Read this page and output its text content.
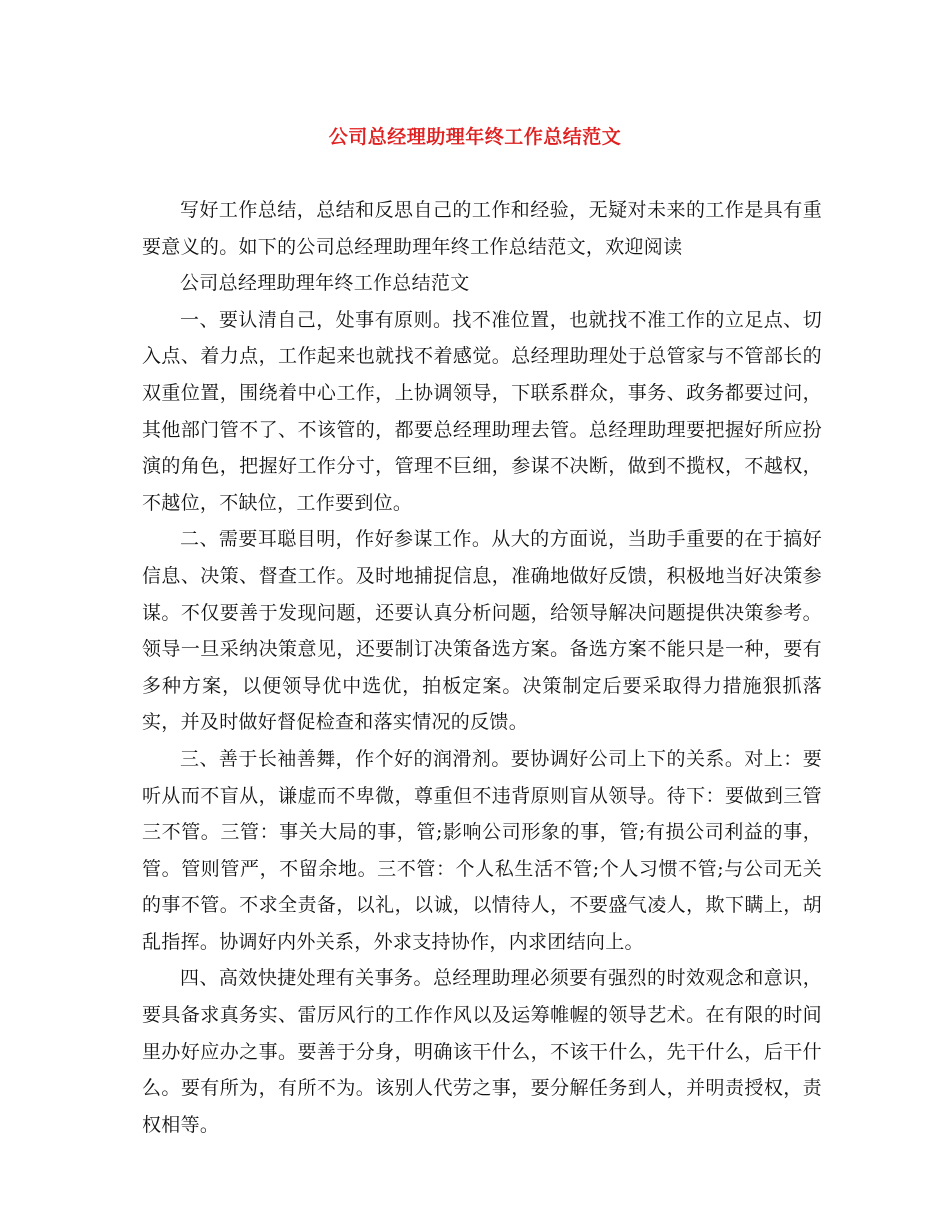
公司总经理助理年终工作总结范文

写好工作总结，总结和反思自己的工作和经验，无疑对未来的工作是具有重要意义的。如下的公司总经理助理年终工作总结范文，欢迎阅读

公司总经理助理年终工作总结范文

一、要认清自己，处事有原则。找不准位置，也就找不准工作的立足点、切入点、着力点，工作起来也就找不着感觉。总经理助理处于总管家与不管部长的双重位置，围绕着中心工作，上协调领导，下联系群众，事务、政务都要过问，其他部门管不了、不该管的，都要总经理助理去管。总经理助理要把握好所应扮演的角色，把握好工作分寸，管理不巨细，参谋不决断，做到不揽权，不越权，不越位，不缺位，工作要到位。

二、需要耳聪目明，作好参谋工作。从大的方面说，当助手重要的在于搞好信息、决策、督查工作。及时地捕捉信息，准确地做好反馈，积极地当好决策参谋。不仅要善于发现问题，还要认真分析问题，给领导解决问题提供决策参考。领导一旦采纳决策意见，还要制订决策备选方案。备选方案不能只是一种，要有多种方案，以便领导优中选优，拍板定案。决策制定后要采取得力措施狠抓落实，并及时做好督促检查和落实情况的反馈。

三、善于长袖善舞，作个好的润滑剂。要协调好公司上下的关系。对上：要听从而不盲从，谦虚而不卑微，尊重但不违背原则盲从领导。待下：要做到三管三不管。三管：事关大局的事，管;影响公司形象的事，管;有损公司利益的事，管。管则管严，不留余地。三不管：个人私生活不管;个人习惯不管;与公司无关的事不管。不求全责备，以礼，以诚，以情待人，不要盛气凌人，欺下瞒上，胡乱指挥。协调好内外关系，外求支持协作，内求团结向上。

四、高效快捷处理有关事务。总经理助理必须要有强烈的时效观念和意识，要具备求真务实、雷厉风行的工作作风以及运筹帷幄的领导艺术。在有限的时间里办好应办之事。要善于分身，明确该干什么，不该干什么，先干什么，后干什么。要有所为，有所不为。该别人代劳之事，要分解任务到人，并明责授权，责权相等。
